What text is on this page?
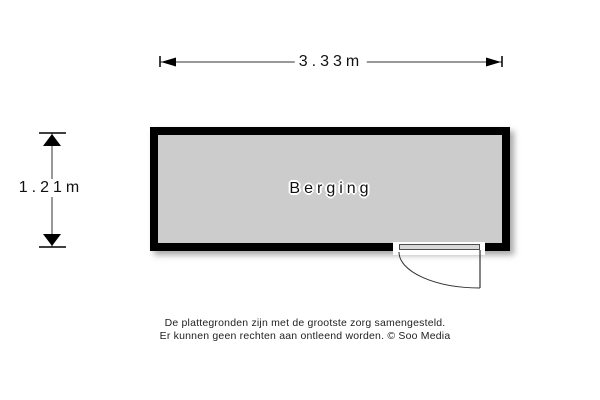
3.33m
1.21m	Berging
De plattegronden zijn met de grootste zorg samengesteld.
Er kunnen geen rechten aan ontleend worden. © Soo Media
